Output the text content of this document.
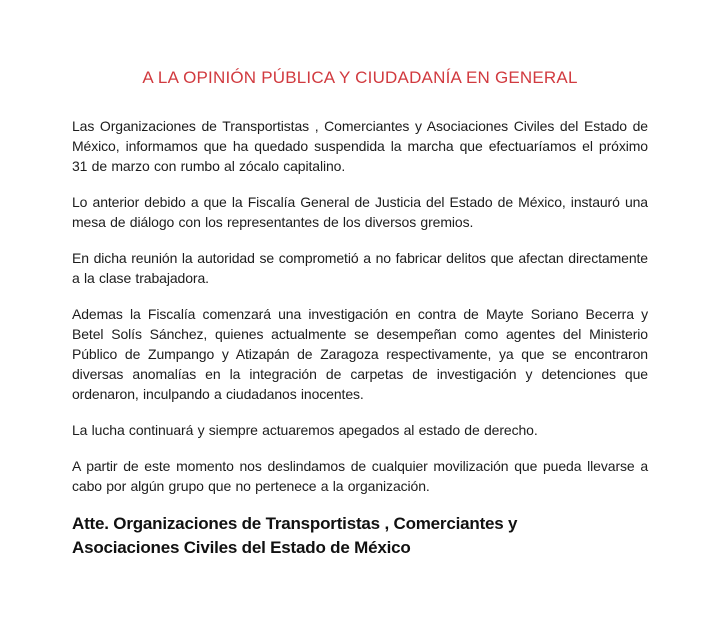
A LA OPINIÓN PÚBLICA Y CIUDADANÍA EN GENERAL

Las Organizaciones de Transportistas , Comerciantes y Asociaciones Civiles del Estado de México, informamos que ha quedado suspendida la marcha que efectuaríamos el próximo 31 de marzo con rumbo al zócalo capitalino.

Lo anterior debido a que la Fiscalía General de Justicia del Estado de México, instauró una mesa de diálogo con los representantes de los diversos gremios.

En dicha reunión la autoridad se comprometió a no fabricar delitos que afectan directamente a la clase trabajadora.

Ademas la Fiscalía comenzará una investigación en contra de Mayte Soriano Becerra y Betel Solís Sánchez, quienes actualmente se desempeñan como agentes del Ministerio Público de Zumpango y Atizapán de Zaragoza respectivamente, ya que se encontraron diversas anomalías en la integración de carpetas de investigación y detenciones que ordenaron, inculpando a ciudadanos inocentes.

La lucha continuará y siempre actuaremos apegados al estado de derecho.

A partir de este momento nos deslindamos de cualquier movilización que pueda llevarse a cabo por algún grupo que no pertenece a la organización.

Atte. Organizaciones de Transportistas , Comerciantes y
Asociaciones Civiles del Estado de México
